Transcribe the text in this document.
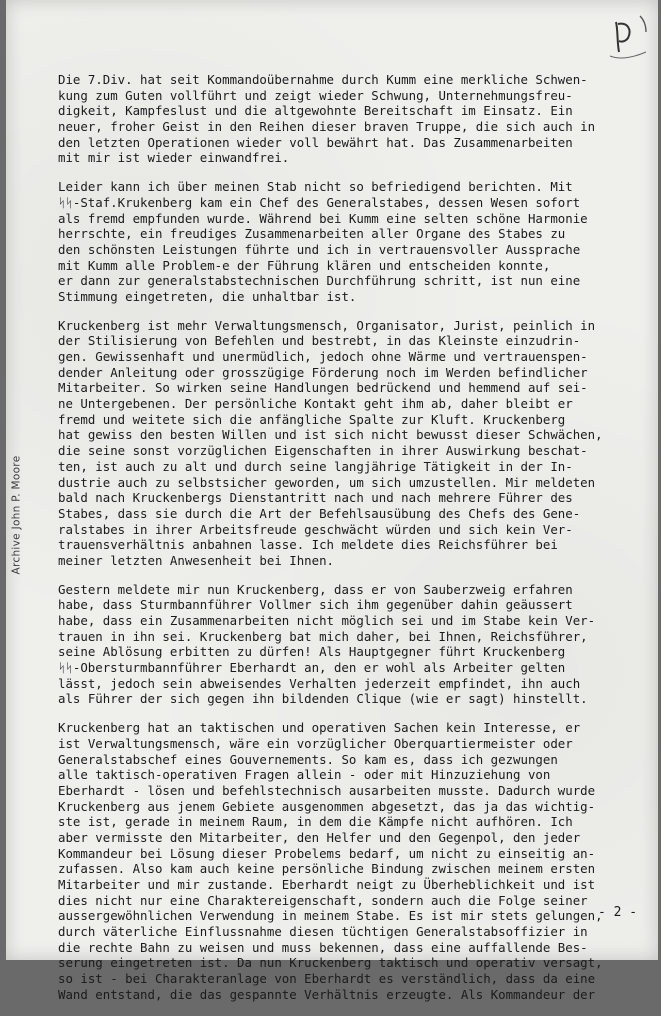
Archive John P. Moore
Die 7.Div. hat seit Kommandoübernahme durch Kumm eine merkliche Schwen-
kung zum Guten vollführt und zeigt wieder Schwung, Unternehmungsfreu-
digkeit, Kampfeslust und die altgewohnte Bereitschaft im Einsatz. Ein
neuer, froher Geist in den Reihen dieser braven Truppe, die sich auch in
den letzten Operationen wieder voll bewährt hat. Das Zusammenarbeiten
mit mir ist wieder einwandfrei.
Leider kann ich über meinen Stab nicht so befriedigend berichten. Mit
ᛋᛋ-Staf.Krukenberg kam ein Chef des Generalstabes, dessen Wesen sofort
als fremd empfunden wurde. Während bei Kumm eine selten schöne Harmonie
herrschte, ein freudiges Zusammenarbeiten aller Organe des Stabes zu
den schönsten Leistungen führte und ich in vertrauensvoller Aussprache
mit Kumm alle Problem-e der Führung klären und entscheiden konnte,
er dann zur generalstabstechnischen Durchführung schritt, ist nun eine
Stimmung eingetreten, die unhaltbar ist.
Kruckenberg ist mehr Verwaltungsmensch, Organisator, Jurist, peinlich in
der Stilisierung von Befehlen und bestrebt, in das Kleinste einzudrin-
gen. Gewissenhaft und unermüdlich, jedoch ohne Wärme und vertrauenspen-
dender Anleitung oder grosszügige Förderung noch im Werden befindlicher
Mitarbeiter. So wirken seine Handlungen bedrückend und hemmend auf sei-
ne Untergebenen. Der persönliche Kontakt geht ihm ab, daher bleibt er
fremd und weitete sich die anfängliche Spalte zur Kluft. Kruckenberg
hat gewiss den besten Willen und ist sich nicht bewusst dieser Schwächen,
die seine sonst vorzüglichen Eigenschaften in ihrer Auswirkung beschat-
ten, ist auch zu alt und durch seine langjährige Tätigkeit in der In-
dustrie auch zu selbstsicher geworden, um sich umzustellen. Mir meldeten
bald nach Kruckenbergs Dienstantritt nach und nach mehrere Führer des
Stabes, dass sie durch die Art der Befehlsausübung des Chefs des Gene-
ralstabes in ihrer Arbeitsfreude geschwächt würden und sich kein Ver-
trauensverhältnis anbahnen lasse. Ich meldete dies Reichsführer bei
meiner letzten Anwesenheit bei Ihnen.
Gestern meldete mir nun Kruckenberg, dass er von Sauberzweig erfahren
habe, dass Sturmbannführer Vollmer sich ihm gegenüber dahin geäussert
habe, dass ein Zusammenarbeiten nicht möglich sei und im Stabe kein Ver-
trauen in ihn sei. Kruckenberg bat mich daher, bei Ihnen, Reichsführer,
seine Ablösung erbitten zu dürfen! Als Hauptgegner führt Kruckenberg
ᛋᛋ-Obersturmbannführer Eberhardt an, den er wohl als Arbeiter gelten
lässt, jedoch sein abweisendes Verhalten jederzeit empfindet, ihn auch
als Führer der sich gegen ihn bildenden Clique (wie er sagt) hinstellt.
Kruckenberg hat an taktischen und operativen Sachen kein Interesse, er
ist Verwaltungsmensch, wäre ein vorzüglicher Oberquartiermeister oder
Generalstabschef eines Gouvernements. So kam es, dass ich gezwungen
alle taktisch-operativen Fragen allein - oder mit Hinzuziehung von
Eberhardt - lösen und befehlstechnisch ausarbeiten musste. Dadurch wurde
Kruckenberg aus jenem Gebiete ausgenommen abgesetzt, das ja das wichtig-
ste ist, gerade in meinem Raum, in dem die Kämpfe nicht aufhören. Ich
aber vermisste den Mitarbeiter, den Helfer und den Gegenpol, den jeder
Kommandeur bei Lösung dieser Probelems bedarf, um nicht zu einseitig an-
zufassen. Also kam auch keine persönliche Bindung zwischen meinem ersten
Mitarbeiter und mir zustande. Eberhardt neigt zu Überheblichkeit und ist
dies nicht nur eine Charaktereigenschaft, sondern auch die Folge seiner
aussergewöhnlichen Verwendung in meinem Stabe. Es ist mir stets gelungen,
durch väterliche Einflussnahme diesen tüchtigen Generalstabsoffizier in
die rechte Bahn zu weisen und muss bekennen, dass eine auffallende Bes-
serung eingetreten ist. Da nun Kruckenberg taktisch und operativ versagt,
so ist - bei Charakteranlage von Eberhardt es verständlich, dass da eine
Wand entstand, die das gespannte Verhältnis erzeugte. Als Kommandeur der
- 2 -
